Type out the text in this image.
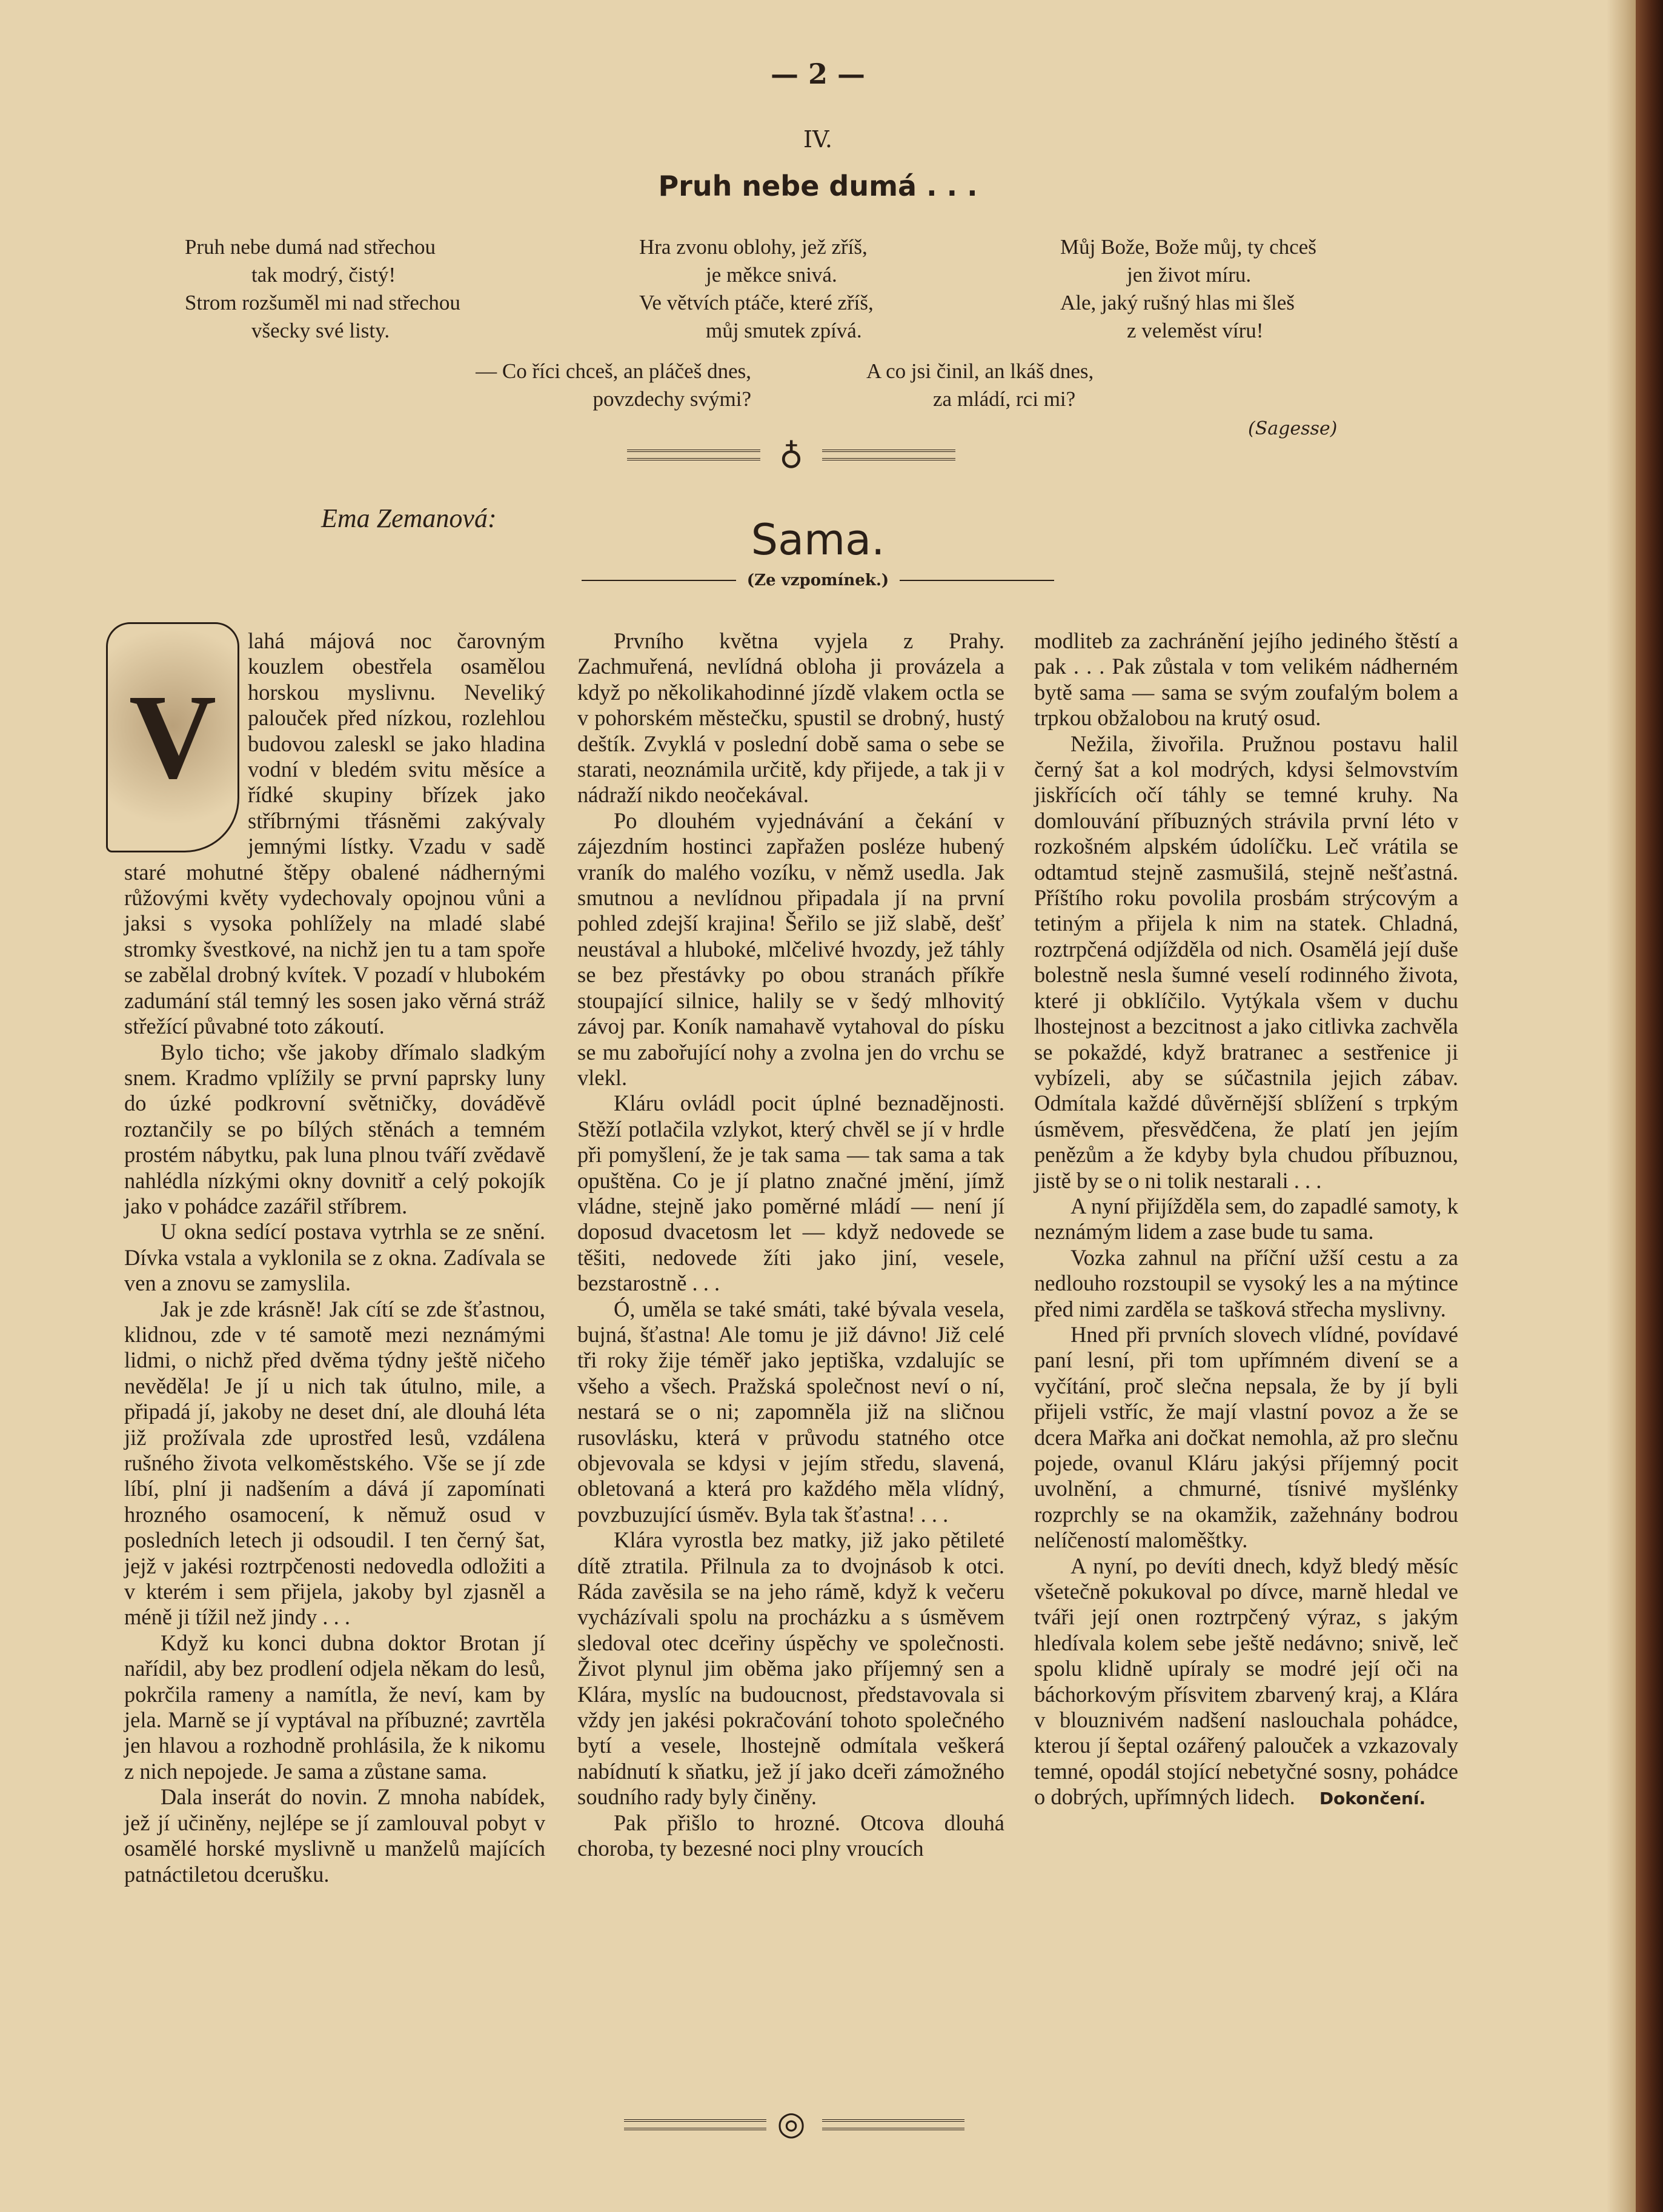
— 2 —
IV.
Pruh nebe dumá . . .
Pruh nebe dumá nad střechou
tak modrý, čistý!
Strom rozšuměl mi nad střechou
všecky své listy.
Hra zvonu oblohy, jež zříš,
je měkce snivá.
Ve větvích ptáče, které zříš,
můj smutek zpívá.
Můj Bože, Bože můj, ty chceš
jen život míru.
Ale, jaký rušný hlas mi šleš
z veleměst víru!
— Co říci chceš, an pláčeš dnes,
povzdechy svými?
A co jsi činil, an lkáš dnes,
za mládí, rci mi?
(Sagesse)
♁
Ema Zemanová:	Sama.
(Ze vzpomínek.)

V
lahá májová noc čarovným kouzlem obestřela osamělou horskou myslivnu. Neveliký palouček před nízkou, rozlehlou budovou zaleskl se jako hladina vodní v bledém svitu měsíce a řídké skupiny břízek jako stříbrnými třásněmi zakývaly jemnými lístky. Vzadu v sadě staré mohutné štěpy obalené nádhernými růžovými květy vydechovaly opojnou vůni a jaksi s vysoka pohlížely na mladé slabé stromky švestkové, na nichž jen tu a tam spoře se zabělal drobný kvítek. V pozadí v hlubokém zadumání stál temný les sosen jako věrná stráž střežící půvabné toto zákoutí.

Bylo ticho; vše jakoby dřímalo sladkým snem. Kradmo vplížily se první paprsky luny do úzké podkrovní světničky, dováděvě roztančily se po bílých stěnách a temném prostém nábytku, pak luna plnou tváří zvědavě nahlédla nízkými okny dovnitř a celý pokojík jako v pohádce zazářil stříbrem.

U okna sedící postava vytrhla se ze snění. Dívka vstala a vyklonila se z okna. Zadívala se ven a znovu se zamyslila.

Jak je zde krásně! Jak cítí se zde šťastnou, klidnou, zde v té samotě mezi neznámými lidmi, o nichž před dvěma týdny ještě ničeho nevěděla! Je jí u nich tak útulno, mile, a připadá jí, jakoby ne deset dní, ale dlouhá léta již prožívala zde uprostřed lesů, vzdálena rušného života velkoměstského. Vše se jí zde líbí, plní ji nadšením a dává jí zapomínati hrozného osamocení, k němuž osud v posledních letech ji odsoudil. I ten černý šat, jejž v jakési roztrpčenosti nedovedla odložiti a v kterém i sem přijela, jakoby byl zjasněl a méně ji tížil než jindy . . .

Když ku konci dubna doktor Brotan jí nařídil, aby bez prodlení odjela někam do lesů, pokrčila rameny a namítla, že neví, kam by jela. Marně se jí vyptával na příbuzné; zavrtěla jen hlavou a rozhodně prohlásila, že k nikomu z nich nepojede. Je sama a zůstane sama.

Dala inserát do novin. Z mnoha nabídek, jež jí učiněny, nejlépe se jí zamlouval pobyt v osamělé horské myslivně u manželů majících patnáctiletou dcerušku.

Prvního května vyjela z Prahy. Zachmuřená, nevlídná obloha ji provázela a když po několikahodinné jízdě vlakem octla se v pohorském městečku, spustil se drobný, hustý deštík. Zvyklá v poslední době sama o sebe se starati, neoznámila určitě, kdy přijede, a tak ji v nádraží nikdo neočekával.

Po dlouhém vyjednávání a čekání v zájezdním hostinci zapřažen posléze hubený vraník do malého vozíku, v němž usedla. Jak smutnou a nevlídnou připadala jí na první pohled zdejší krajina! Šeřilo se již slabě, dešť neustával a hluboké, mlčelivé hvozdy, jež táhly se bez přestávky po obou stranách příkře stoupající silnice, halily se v šedý mlhovitý závoj par. Koník namahavě vytahoval do písku se mu zabořující nohy a zvolna jen do vrchu se vlekl.

Kláru ovládl pocit úplné beznadějnosti. Stěží potlačila vzlykot, který chvěl se jí v hrdle při pomyšlení, že je tak sama — tak sama a tak opuštěna. Co je jí platno značné jmění, jímž vládne, stejně jako poměrné mládí — není jí doposud dvacetosm let — když nedovede se těšiti, nedovede žíti jako jiní, vesele, bezstarostně . . .

Ó, uměla se také smáti, také bývala vesela, bujná, šťastna! Ale tomu je již dávno! Již celé tři roky žije téměř jako jeptiška, vzdalujíc se všeho a všech. Pražská společnost neví o ní, nestará se o ni; zapomněla již na sličnou rusovlásku, která v průvodu statného otce objevovala se kdysi v jejím středu, slavená, obletovaná a která pro každého měla vlídný, povzbuzující úsměv. Byla tak šťastna! . . .

Klára vyrostla bez matky, již jako pětileté dítě ztratila. Přilnula za to dvojnásob k otci. Ráda zavěsila se na jeho rámě, když k večeru vycházívali spolu na procházku a s úsměvem sledoval otec dceřiny úspěchy ve společnosti. Život plynul jim oběma jako příjemný sen a Klára, myslíc na budoucnost, představovala si vždy jen jakési pokračování tohoto společného bytí a vesele, lhostejně odmítala veškerá nabídnutí k sňatku, jež jí jako dceři zámožného soudního rady byly činěny.

Pak přišlo to hrozné. Otcova dlouhá choroba, ty bezesné noci plny vroucích

modliteb za zachránění jejího jediného štěstí a pak . . . Pak zůstala v tom velikém nádherném bytě sama — sama se svým zoufalým bolem a trpkou obžalobou na krutý osud.

Nežila, živořila. Pružnou postavu halil černý šat a kol modrých, kdysi šelmovstvím jiskřících očí táhly se temné kruhy. Na domlouvání příbuzných strávila první léto v rozkošném alpském údolíčku. Leč vrátila se odtamtud stejně zasmušilá, stejně nešťastná. Příštího roku povolila prosbám strýcovým a tetiným a přijela k nim na statek. Chladná, roztrpčená odjížděla od nich. Osamělá její duše bolestně nesla šumné veselí rodinného života, které ji obklíčilo. Vytýkala všem v duchu lhostejnost a bezcitnost a jako citlivka zachvěla se pokaždé, když bratranec a sestřenice ji vybízeli, aby se súčastnila jejich zábav. Odmítala každé důvěrnější sblížení s trpkým úsměvem, přesvědčena, že platí jen jejím penězům a že kdyby byla chudou příbuznou, jistě by se o ni tolik nestarali . . .

A nyní přijížděla sem, do zapadlé samoty, k neznámým lidem a zase bude tu sama.

Vozka zahnul na příční užší cestu a za nedlouho rozstoupil se vysoký les a na mýtince před nimi zarděla se tašková střecha myslivny.

Hned při prvních slovech vlídné, povídavé paní lesní, při tom upřímném divení se a vyčítání, proč slečna nepsala, že by jí byli přijeli vstříc, že mají vlastní povoz a že se dcera Mařka ani dočkat nemohla, až pro slečnu pojede, ovanul Kláru jakýsi příjemný pocit uvolnění, a chmurné, tísnivé myšlénky rozprchly se na okamžik, zažehnány bodrou nelíčeností maloměštky.

A nyní, po devíti dnech, když bledý měsíc všetečně pokukoval po dívce, marně hledal ve tváři její onen roztrpčený výraz, s jakým hledívala kolem sebe ještě nedávno; snivě, leč spolu klidně upíraly se modré její oči na báchorkovým přísvitem zbarvený kraj, a Klára v blouznivém nadšení naslouchala pohádce, kterou jí šeptal ozářený palouček a vzkazovaly temné, opodál stojící nebetyčné sosny, pohádce o dobrých, upřímných lidech. Dokončení.

◎
